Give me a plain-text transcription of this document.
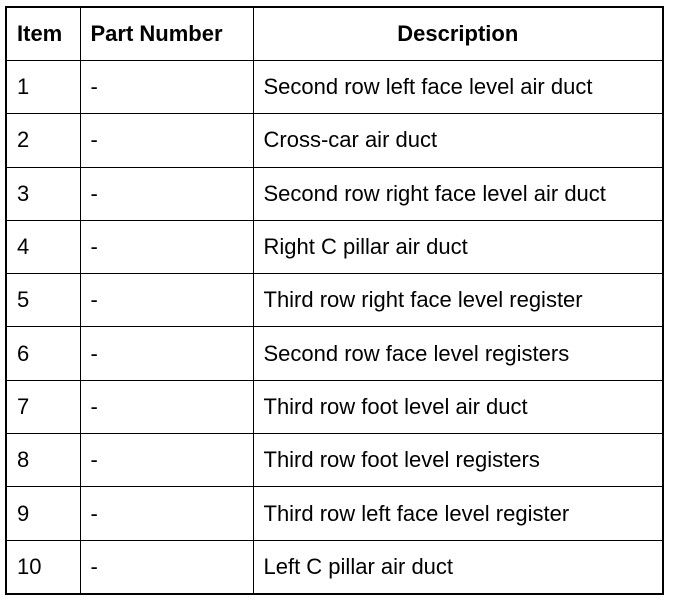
Item	Part Number	Description
1	-	Second row left face level air duct
2	-	Cross-car air duct
3	-	Second row right face level air duct
4	-	Right C pillar air duct
5	-	Third row right face level register
6	-	Second row face level registers
7	-	Third row foot level air duct
8	-	Third row foot level registers
9	-	Third row left face level register
10	-	Left C pillar air duct
